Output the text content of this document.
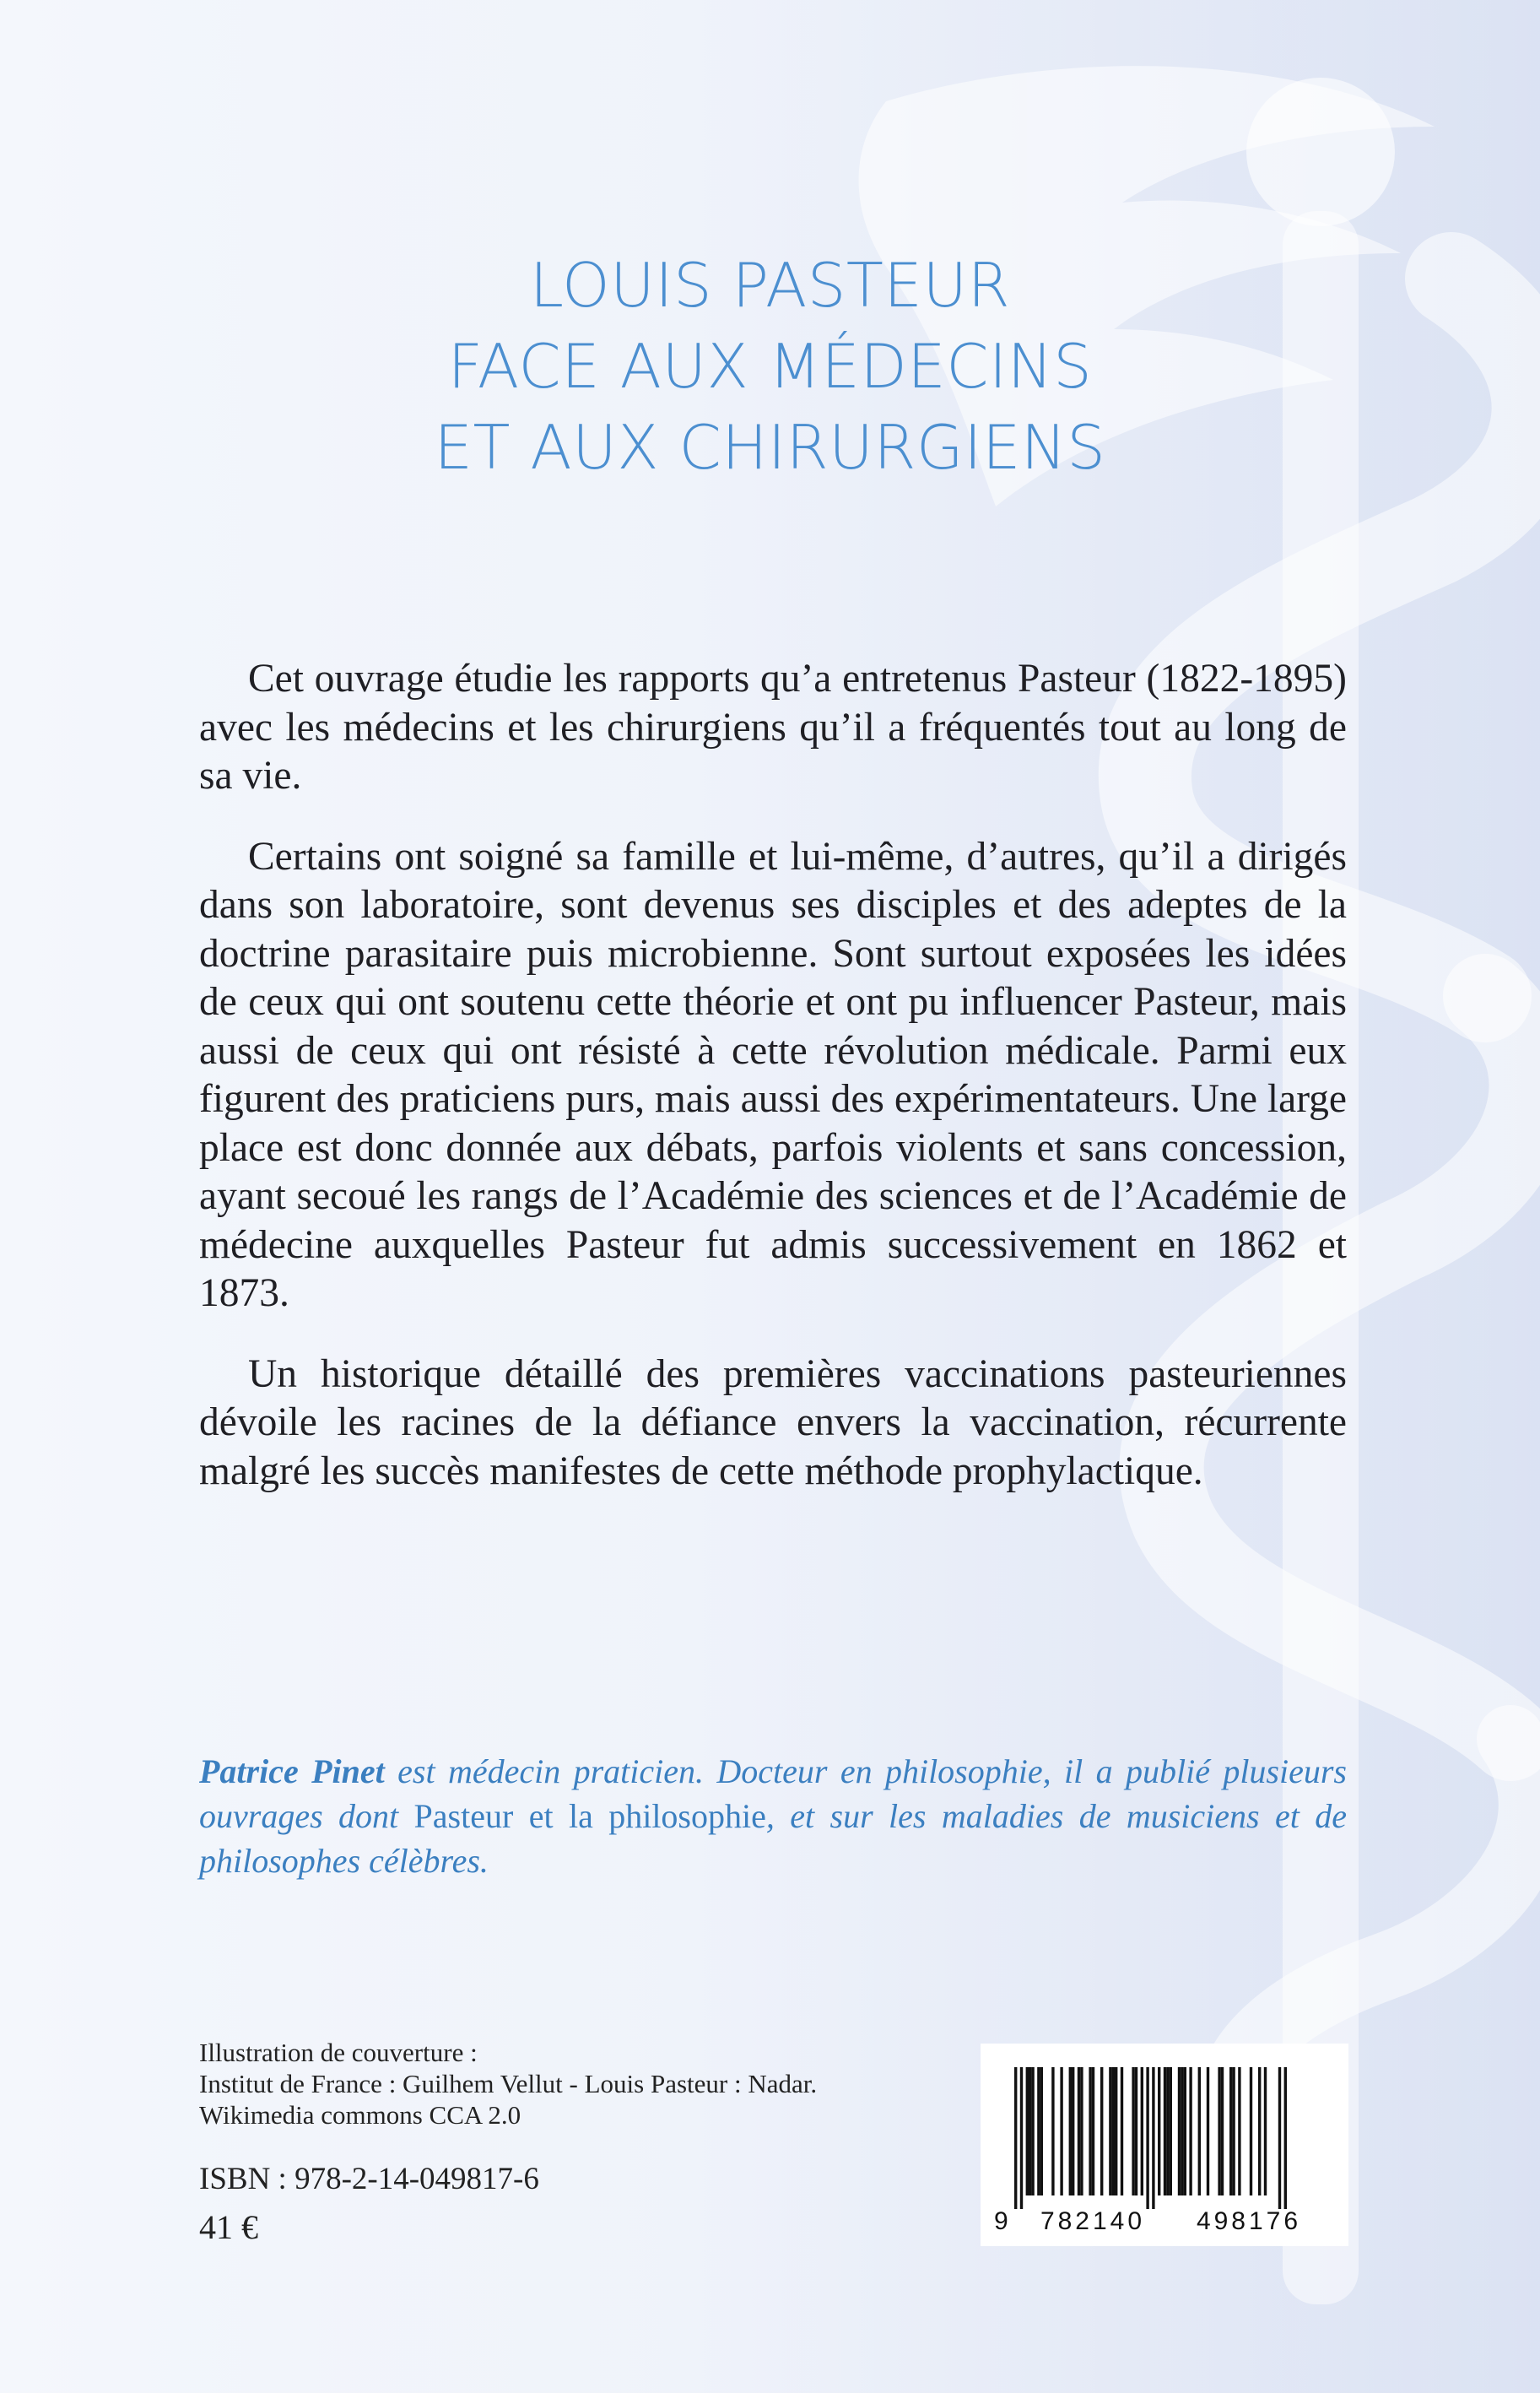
LOUIS PASTEUR
FACE AUX MÉDECINS
ET AUX CHIRURGIENS

Cet ouvrage étudie les rapports qu’a entretenus Pasteur (1822-1895) avec les médecins et les chirurgiens qu’il a fréquentés tout au long de sa vie.

Certains ont soigné sa famille et lui-même, d’autres, qu’il a dirigés dans son laboratoire, sont devenus ses disciples et des adeptes de la doctrine parasitaire puis microbienne. Sont surtout exposées les idées de ceux qui ont soutenu cette théorie et ont pu influencer Pasteur, mais aussi de ceux qui ont résisté à cette révolution médicale. Parmi eux figurent des praticiens purs, mais aussi des expérimentateurs. Une large place est donc donnée aux débats, parfois violents et sans concession, ayant secoué les rangs de l’Académie des sciences et de l’Académie de médecine auxquelles Pasteur fut admis successivement en 1862 et 1873.

Un historique détaillé des premières vaccinations pasteuriennes dévoile les racines de la défiance envers la vaccination, récurrente malgré les succès manifestes de cette méthode prophylactique.

Patrice Pinet est médecin praticien. Docteur en philosophie, il a publié plusieurs ouvrages dont Pasteur et la philosophie, et sur les maladies de musiciens et de philosophes célèbres.
Illustration de couverture :
Institut de France : Guilhem Vellut - Louis Pasteur : Nadar.
Wikimedia commons CCA 2.0
ISBN : 978-2-14-049817-6
41 €	9 782140 498176
